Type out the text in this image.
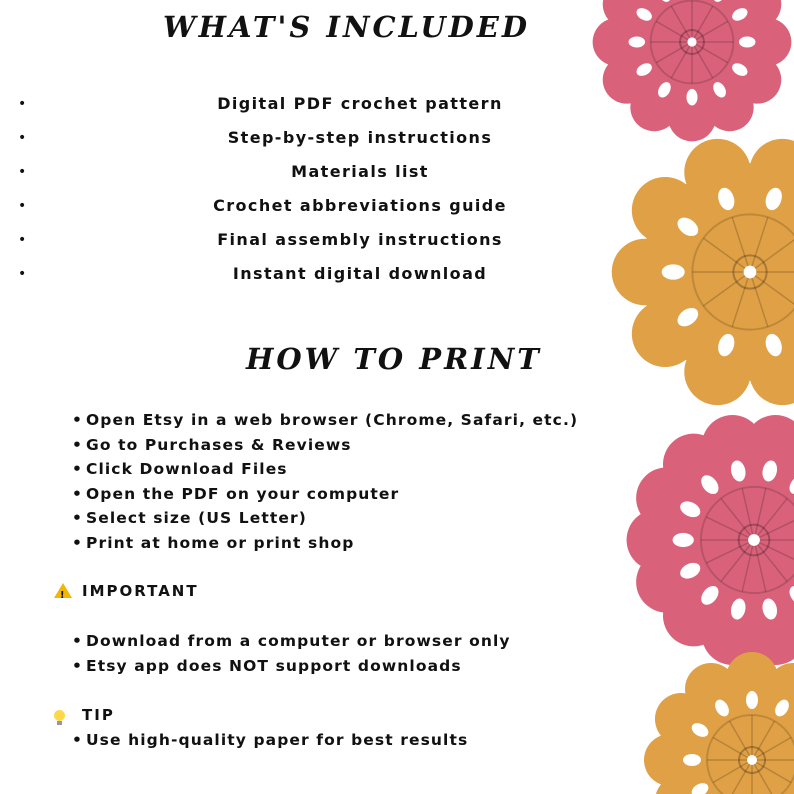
WHAT'S INCLUDED
•	Digital PDF crochet pattern
•	Step-by-step instructions
•	Materials list
•	Crochet abbreviations guide
•	Final assembly instructions
•	Instant digital download
HOW TO PRINT
• Open Etsy in a web browser (Chrome, Safari, etc.)
• Go to Purchases & Reviews
• Click Download Files
• Open the PDF on your computer
• Select size (US Letter)
• Print at home or print shop
!IMPORTANT
• Download from a computer or browser only
• Etsy app does NOT support downloads
TIP
• Use high-quality paper for best results
